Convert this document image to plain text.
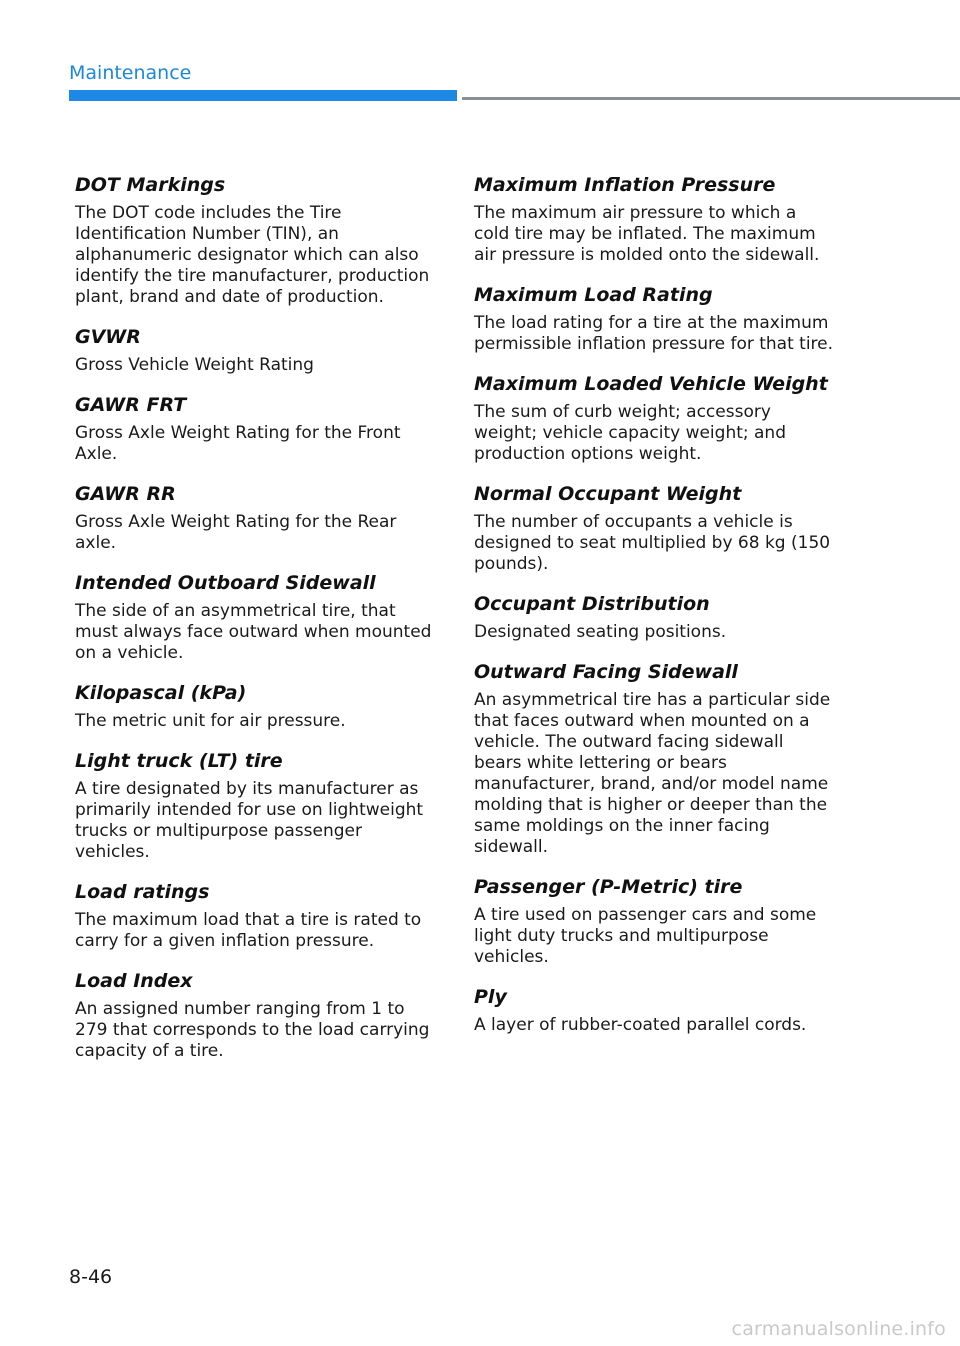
Maintenance
DOT Markings

The DOT code includes the Tire Identification Number (TIN), an alphanumeric designator which can also identify the tire manufacturer, production plant, brand and date of production.

GVWR

Gross Vehicle Weight Rating

GAWR FRT

Gross Axle Weight Rating for the Front Axle.

GAWR RR

Gross Axle Weight Rating for the Rear axle.

Intended Outboard Sidewall

The side of an asymmetrical tire, that must always face outward when mounted on a vehicle.

Kilopascal (kPa)

The metric unit for air pressure.

Light truck (LT) tire

A tire designated by its manufacturer as primarily intended for use on lightweight trucks or multipurpose passenger vehicles.

Load ratings

The maximum load that a tire is rated to carry for a given inflation pressure.

Load Index

An assigned number ranging from 1 to 279 that corresponds to the load carrying capacity of a tire.

Maximum Inflation Pressure

The maximum air pressure to which a cold tire may be inflated. The maximum air pressure is molded onto the sidewall.

Maximum Load Rating

The load rating for a tire at the maximum permissible inflation pressure for that tire.

Maximum Loaded Vehicle Weight

The sum of curb weight; accessory weight; vehicle capacity weight; and production options weight.

Normal Occupant Weight

The number of occupants a vehicle is designed to seat multiplied by 68 kg (150 pounds).

Occupant Distribution

Designated seating positions.

Outward Facing Sidewall

An asymmetrical tire has a particular side that faces outward when mounted on a vehicle. The outward facing sidewall bears white lettering or bears manufacturer, brand, and/or model name molding that is higher or deeper than the same moldings on the inner facing sidewall.

Passenger (P-Metric) tire

A tire used on passenger cars and some light duty trucks and multipurpose vehicles.

Ply

A layer of rubber-coated parallel cords.

8-46
carmanualsonline.info
